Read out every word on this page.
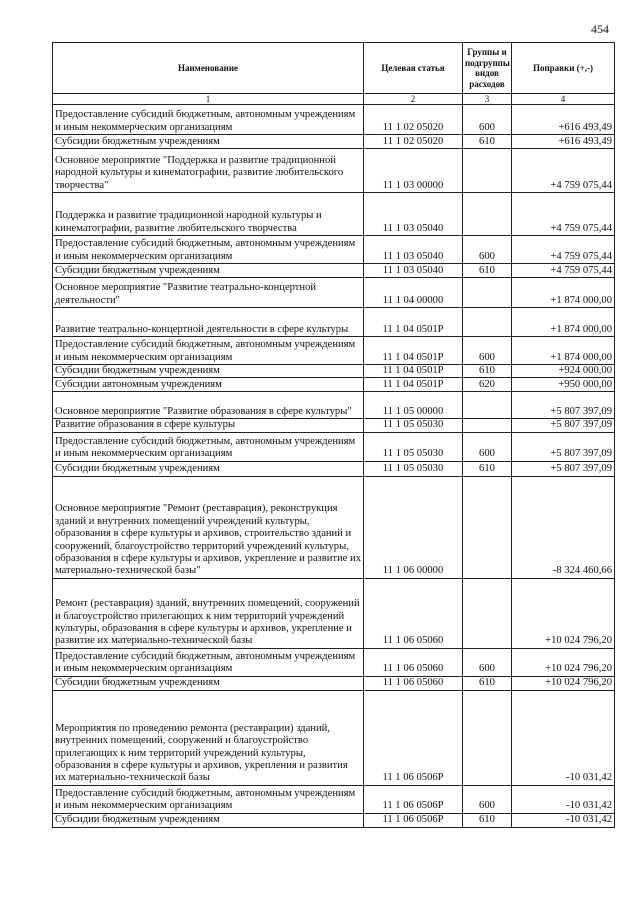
454
Наименование	Целевая статья	Группы и подгруппы видов расходов	Поправки (+,-)
1	2	3	4
Предоставление субсидий бюджетным, автономным учреждениям и иным некоммерческим организациям	11 1 02 05020	600	+616 493,49
Субсидии бюджетным учреждениям	11 1 02 05020	610	+616 493,49
Основное мероприятие "Поддержка и развитие традиционной народной культуры и кинематографии, развитие любительского творчества"	11 1 03 00000		+4 759 075,44
Поддержка и развитие традиционной народной культуры и кинематографии, развитие любительского творчества	11 1 03 05040		+4 759 075,44
Предоставление субсидий бюджетным, автономным учреждениям и иным некоммерческим организациям	11 1 03 05040	600	+4 759 075,44
Субсидии бюджетным учреждениям	11 1 03 05040	610	+4 759 075,44
Основное мероприятие "Развитие театрально-концертной деятельности"	11 1 04 00000		+1 874 000,00
Развитие театрально-концертной деятельности в сфере культуры	11 1 04 0501P		+1 874 000,00
Предоставление субсидий бюджетным, автономным учреждениям и иным некоммерческим организациям	11 1 04 0501P	600	+1 874 000,00
Субсидии бюджетным учреждениям	11 1 04 0501P	610	+924 000,00
Субсидии автономным учреждениям	11 1 04 0501P	620	+950 000,00
Основное мероприятие "Развитие образования в сфере культуры"	11 1 05 00000		+5 807 397,09
Развитие образования в сфере культуры	11 1 05 05030		+5 807 397,09
Предоставление субсидий бюджетным, автономным учреждениям и иным некоммерческим организациям	11 1 05 05030	600	+5 807 397,09
Субсидии бюджетным учреждениям	11 1 05 05030	610	+5 807 397,09
Основное мероприятие "Ремонт (реставрация), реконструкция зданий и внутренних помещений учреждений культуры, образования в сфере культуры и архивов, строительство зданий и сооружений, благоустройство территорий учреждений культуры, образования в сфере культуры и архивов, укрепление и развитие их материально-технической базы"	11 1 06 00000		-8 324 460,66
Ремонт (реставрация) зданий, внутренних помещений, сооружений и благоустройство прилегающих к ним территорий учреждений культуры, образования в сфере культуры и архивов, укрепление и развитие их материально-технической базы	11 1 06 05060		+10 024 796,20
Предоставление субсидий бюджетным, автономным учреждениям и иным некоммерческим организациям	11 1 06 05060	600	+10 024 796,20
Субсидии бюджетным учреждениям	11 1 06 05060	610	+10 024 796,20
Мероприятия по проведению ремонта (реставрации) зданий, внутренних помещений, сооружений и благоустройство прилегающих к ним территорий учреждений культуры, образования в сфере культуры и архивов, укрепления и развития их материально-технической базы	11 1 06 0506P		-10 031,42
Предоставление субсидий бюджетным, автономным учреждениям и иным некоммерческим организациям	11 1 06 0506P	600	-10 031,42
Субсидии бюджетным учреждениям	11 1 06 0506P	610	-10 031,42
